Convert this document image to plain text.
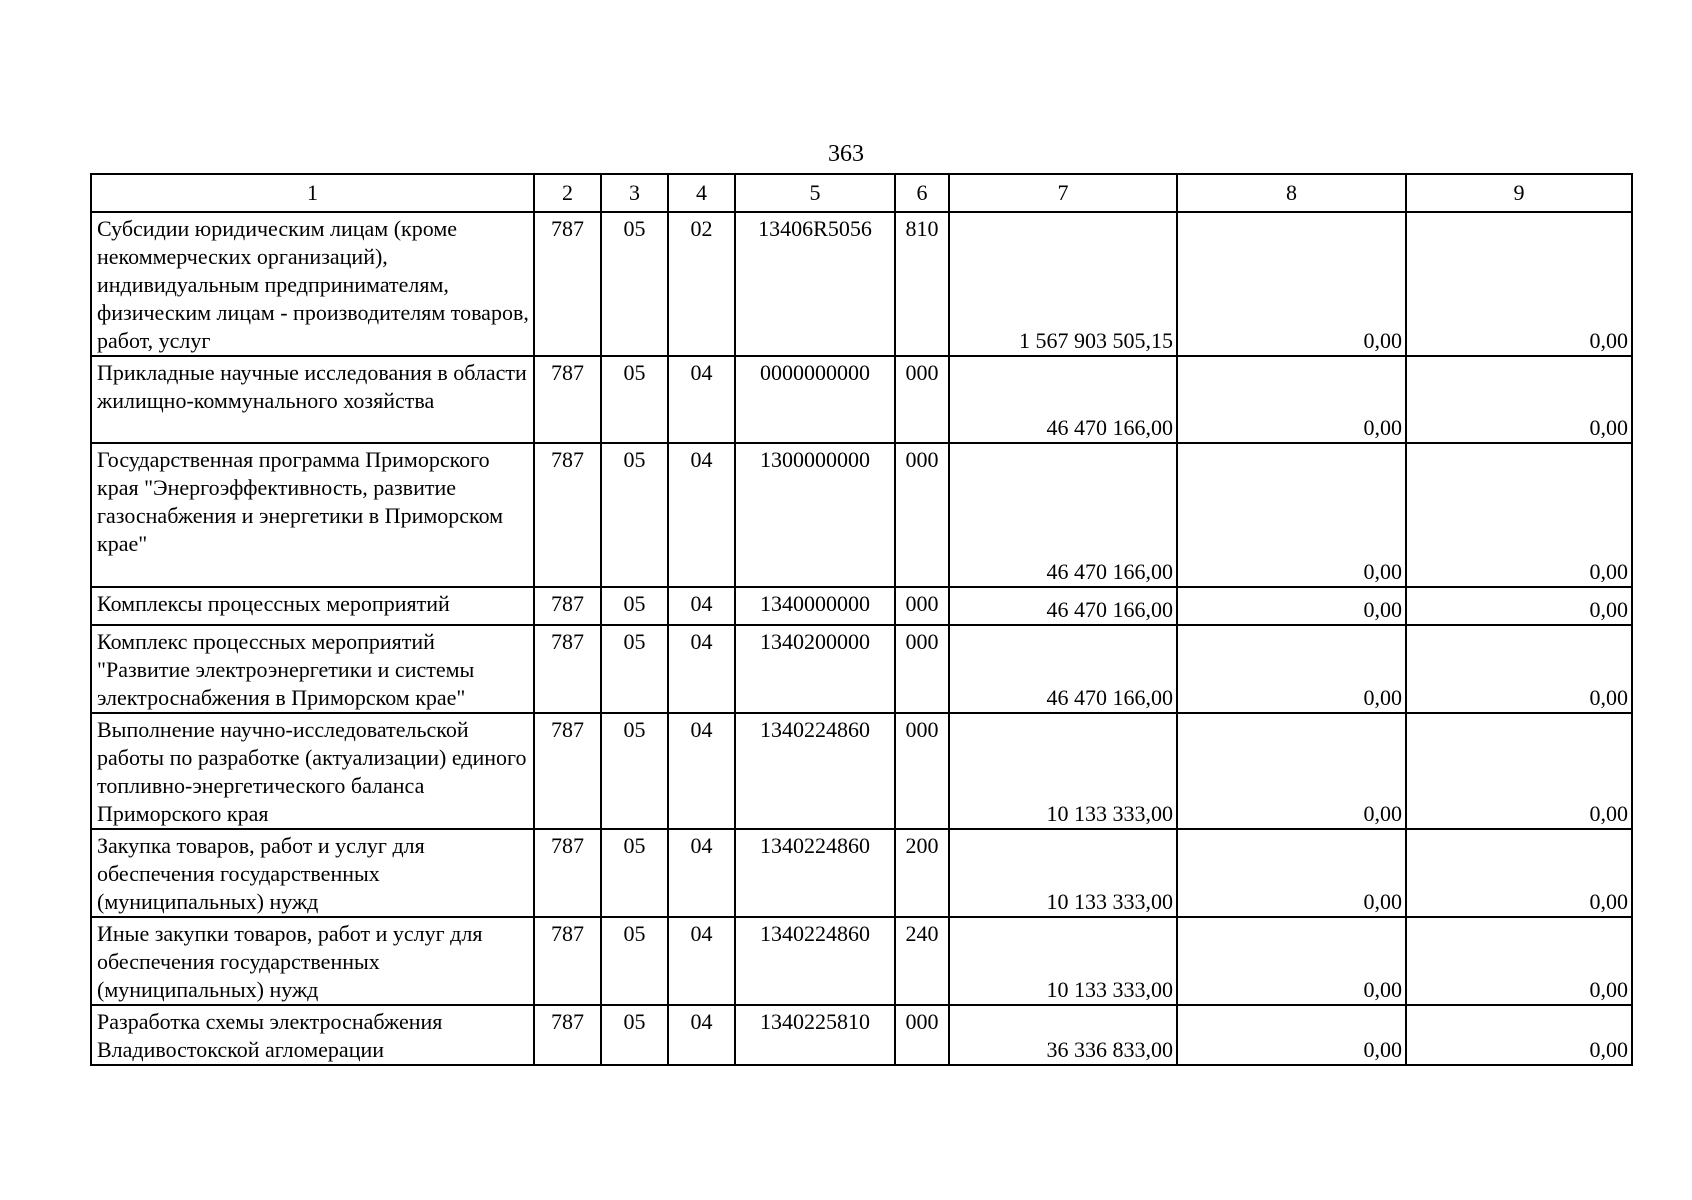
363
1	2	3	4	5	6	7	8	9
Субсидии юридическим лицам (кроме некоммерческих организаций), индивидуальным предпринимателям, физическим лицам - производителям товаров, работ, услуг	787	05	02	13406R5056	810	1 567 903 505,15	0,00	0,00
Прикладные научные исследования в области жилищно-коммунального хозяйства	787	05	04	0000000000	000	46 470 166,00	0,00	0,00
Государственная программа Приморского края "Энергоэффективность, развитие газоснабжения и энергетики в Приморском крае"	787	05	04	1300000000	000	46 470 166,00	0,00	0,00
Комплексы процессных мероприятий	787	05	04	1340000000	000	46 470 166,00	0,00	0,00
Комплекс процессных мероприятий "Развитие электроэнергетики и системы электроснабжения в Приморском крае"	787	05	04	1340200000	000	46 470 166,00	0,00	0,00
Выполнение научно-исследовательской работы по разработке (актуализации) единого топливно-энергетического баланса Приморского края	787	05	04	1340224860	000	10 133 333,00	0,00	0,00
Закупка товаров, работ и услуг для обеспечения государственных (муниципальных) нужд	787	05	04	1340224860	200	10 133 333,00	0,00	0,00
Иные закупки товаров, работ и услуг для обеспечения государственных (муниципальных) нужд	787	05	04	1340224860	240	10 133 333,00	0,00	0,00
Разработка схемы электроснабжения Владивостокской агломерации	787	05	04	1340225810	000	36 336 833,00	0,00	0,00
